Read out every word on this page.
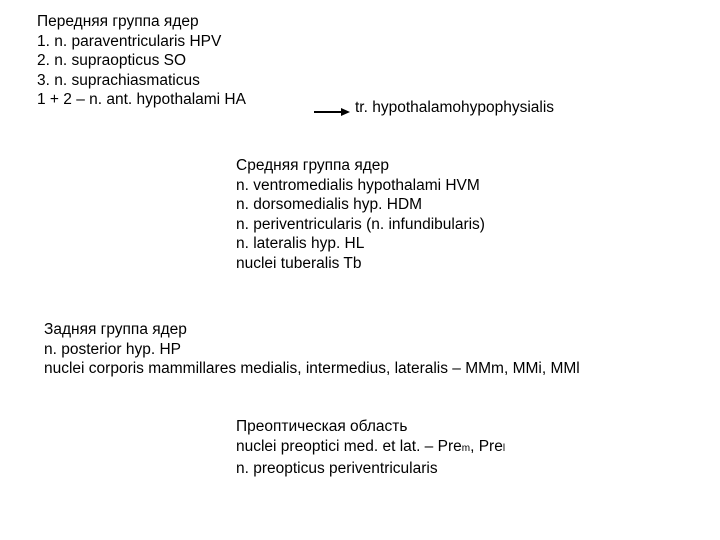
Передняя группа ядер
1. n. paraventricularis HPV
2. n. supraopticus SO
3. n. suprachiasmaticus
1 + 2 – n. ant. hypothalami HA	tr. hypothalamohypophysialis
Средняя группа ядер
n. ventromedialis hypothalami HVM
n. dorsomedialis hyp. HDM
n. periventricularis (n. infundibularis)
n. lateralis hyp. HL
nuclei tuberalis Tb
Задняя группа ядер
n. posterior hyp. HP
nuclei corporis mammillares medialis, intermedius, lateralis – MMm, MMi, MMl
Преоптическая область
nuclei preoptici med. et lat. – Prem, Prel
n. preopticus periventricularis
